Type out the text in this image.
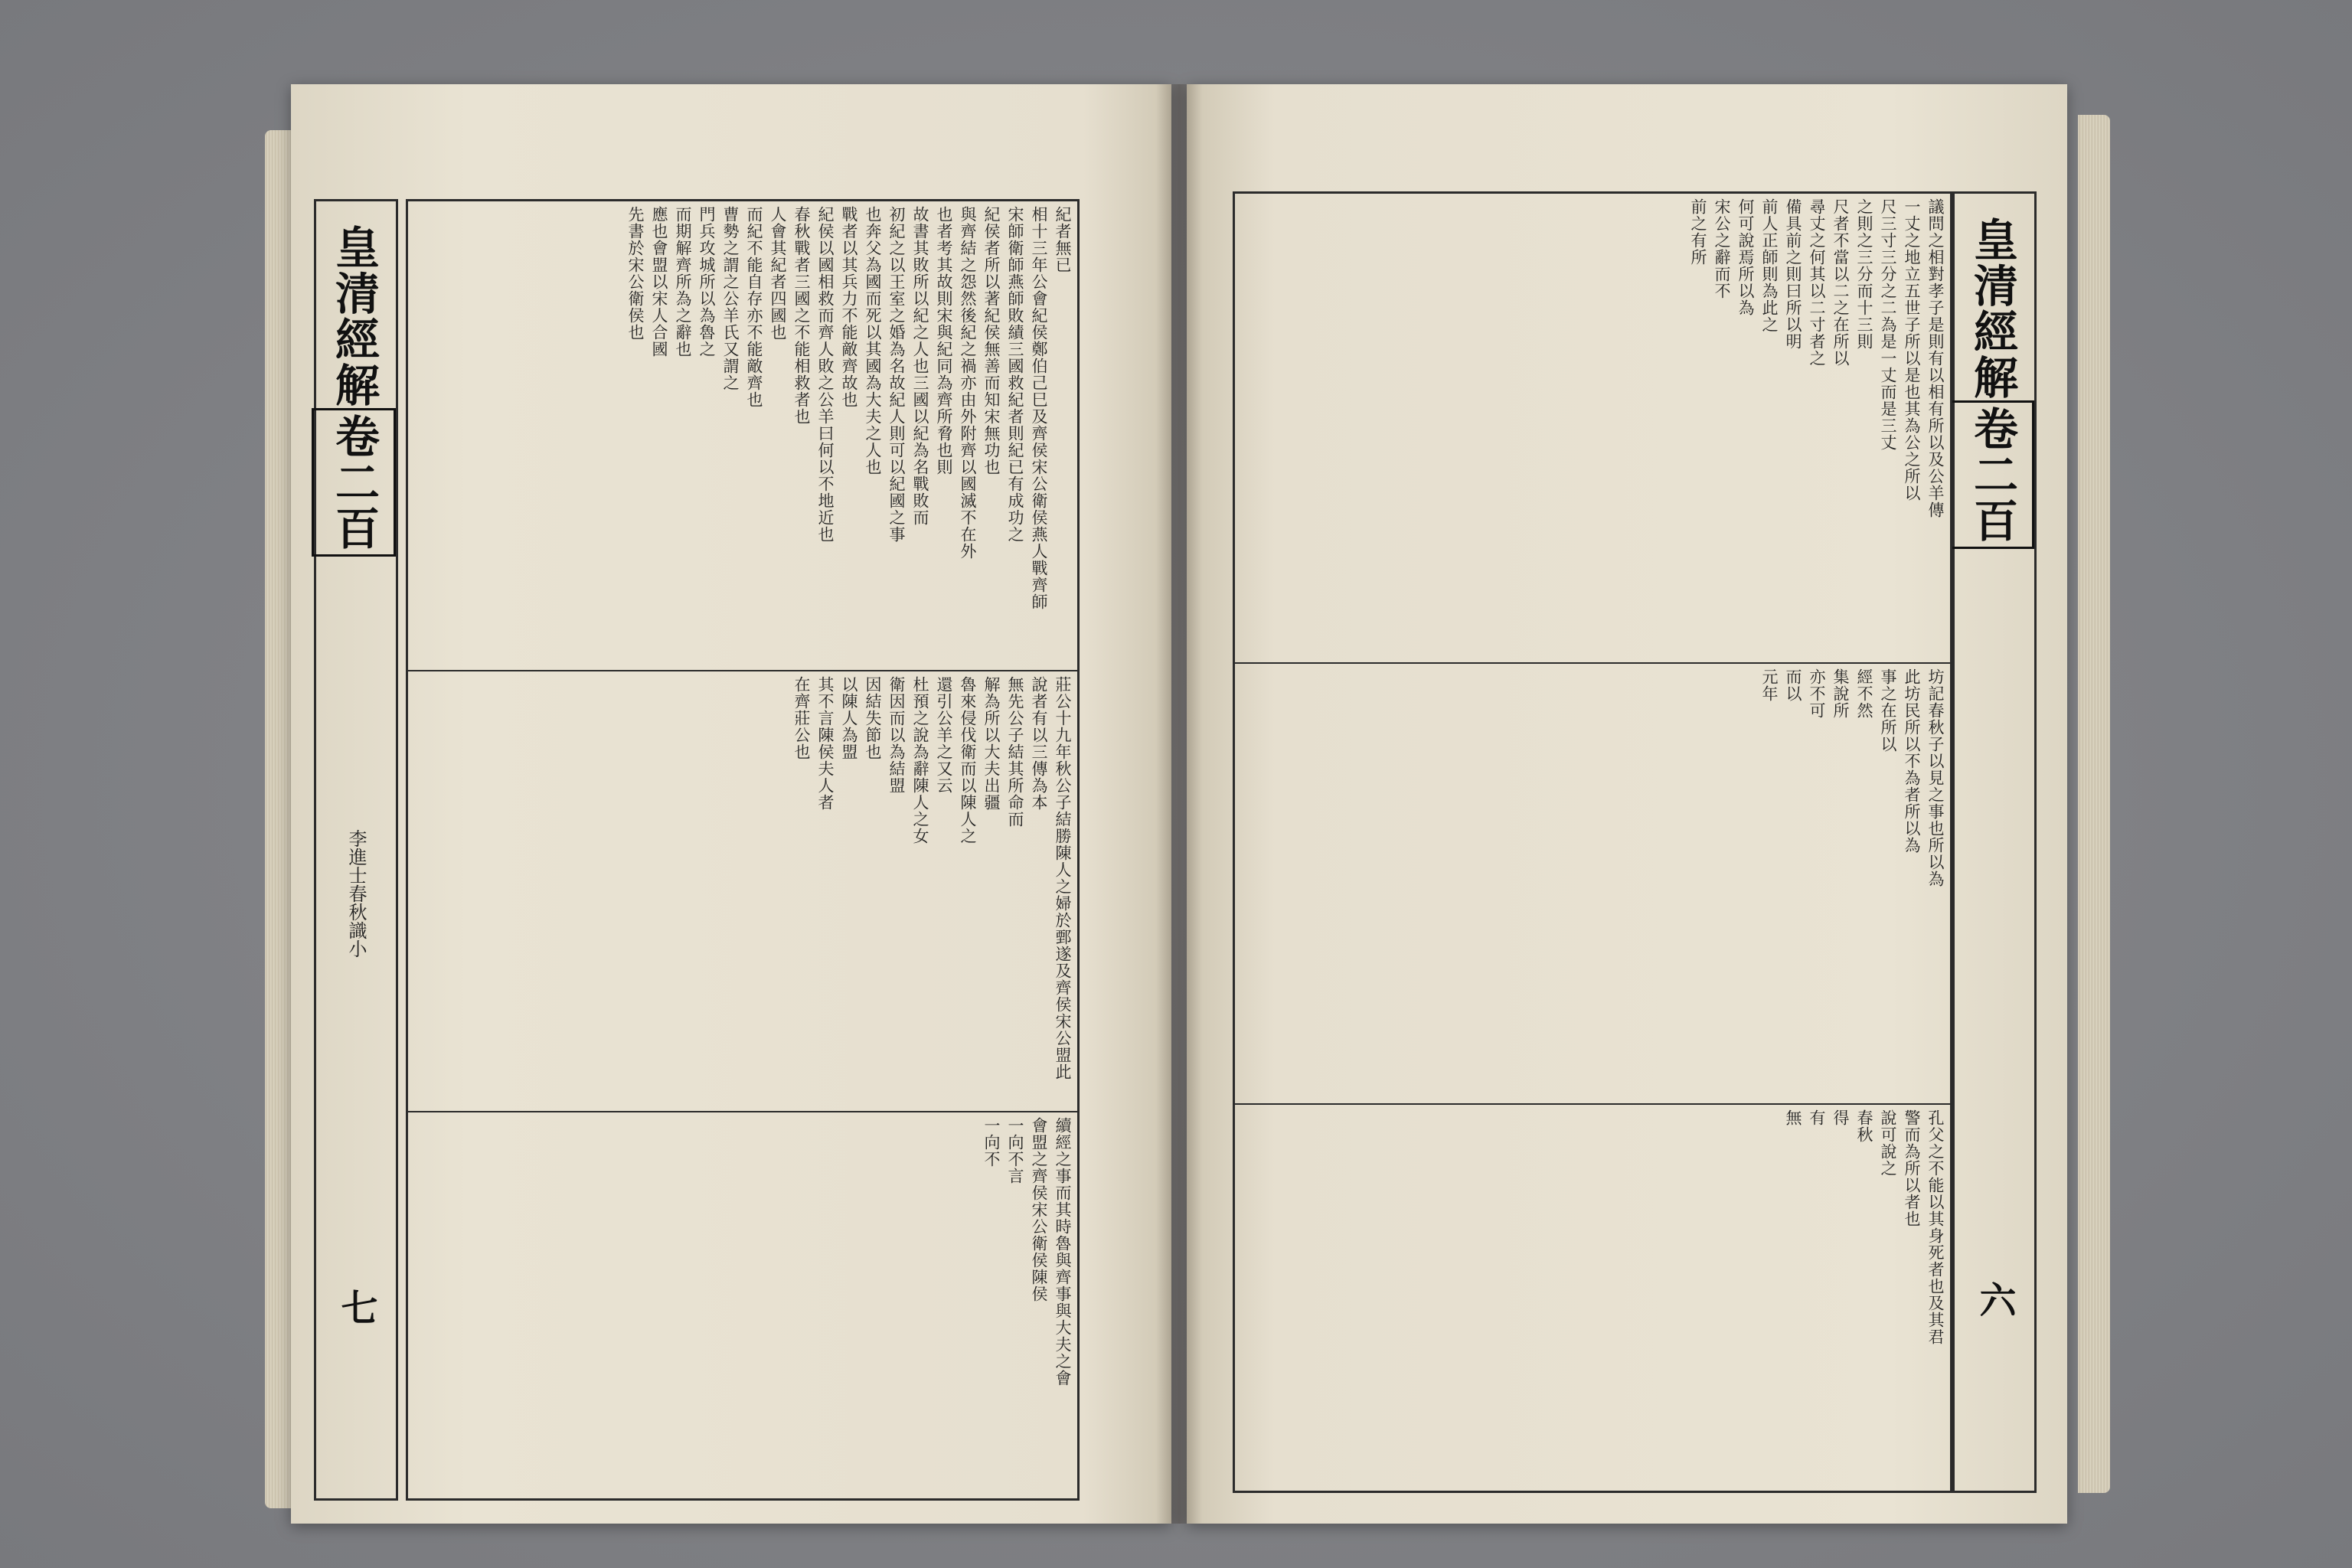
皇清經解卷二百
李進士春秋識小
七
紀者無已
相十三年公會紀侯鄭伯己巳及齊侯宋公衛侯燕人戰齊師
宋師衛師燕師敗績三國救紀者則紀已有成功之
紀侯者所以著紀侯無善而知宋無功也
與齊結之怨然後紀之禍亦由外附齊以國滅不在外
也者考其故則宋與紀同為齊所脅也則
故書其敗所以紀之人也三國以紀為名戰敗而
初紀之以王室之婚為名故紀人則可以紀國之事
也奔父為國而死以其國為大夫之人也
戰者以其兵力不能敵齊故也
紀侯以國相救而齊人敗之公羊曰何以不地近也
春秋戰者三國之不能相救者也
人會其紀者四國也
而紀不能自存亦不能敵齊也
曹勢之謂之公羊氏又謂之
門兵攻城所以為魯之
而期解齊所為之辭也
應也會盟以宋人合國
先書於宋公衛侯也
莊公十九年秋公子結勝陳人之婦於鄄遂及齊侯宋公盟此
說者有以三傳為本
無先公子結其所命而
解為所以大夫出疆
魯來侵伐衛而以陳人之
還引公羊之又云
杜預之說為辭陳人之女
衛因而以為結盟
因結失節也
以陳人為盟
其不言陳侯夫人者
在齊莊公也
續經之事而其時魯與齊事與大夫之會
會盟之齊侯宋公衛侯陳侯
一向不言
一向不
皇清經解卷二百
六
議問之相對孝子是則有以相有所以及公羊傳
一丈之地立五世子所以是也其為公之所以
尺三寸三分之二為是一丈而是三丈
之則之三分而十三則
尺者不當以二之在所以
尋丈之何其以二寸者之
備具前之則曰所以明
前人正師則為此之
何可說焉所以為
宋公之辭而不
前之有所
坊記春秋子以見之事也所以為
此坊民所以不為者所以為
事之在所以
經不然
集說所
亦不可
而以
元年
孔父之不能以其身死者也及其君
警而為所以者也
說可說之
春秋
得
有
無
